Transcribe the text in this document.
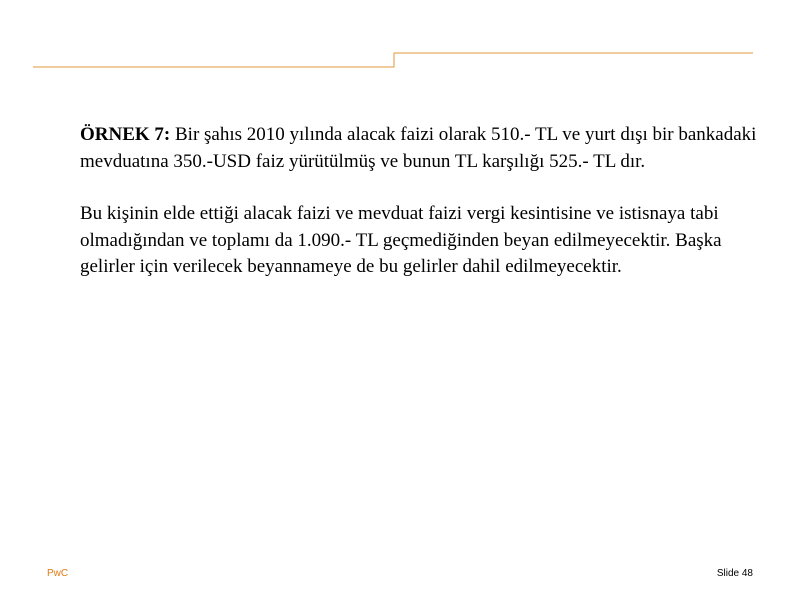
ÖRNEK 7: Bir şahıs 2010 yılında alacak faizi olarak 510.- TL ve yurt dışı bir bankadaki mevduatına 350.-USD faiz yürütülmüş ve bunun TL karşılığı 525.- TL dır.

Bu kişinin elde ettiği alacak faizi ve mevduat faizi vergi kesintisine ve istisnaya tabi olmadığından ve toplamı da 1.090.- TL geçmediğinden beyan edilmeyecektir. Başka gelirler için verilecek beyannameye de bu gelirler dahil edilmeyecektir.

PwC	Slide 48
